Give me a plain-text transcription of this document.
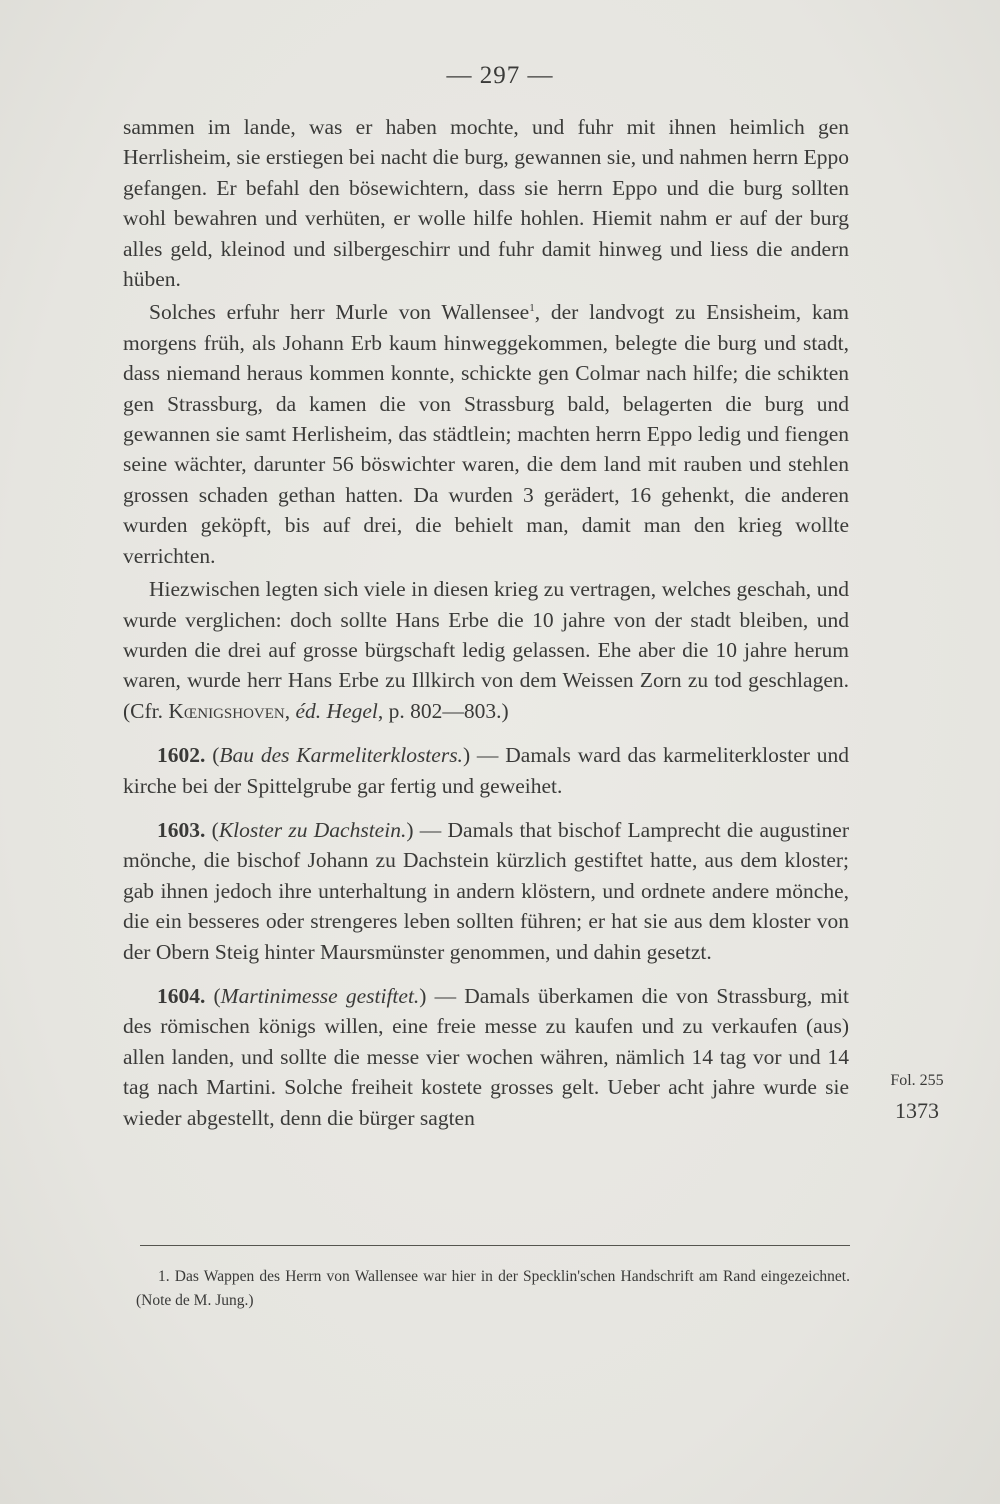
— 297 —

sammen im lande, was er haben mochte, und fuhr mit ihnen heimlich gen Herrlisheim, sie erstiegen bei nacht die burg, gewannen sie, und nahmen herrn Eppo gefangen. Er befahl den bösewichtern, dass sie herrn Eppo und die burg sollten wohl bewahren und verhüten, er wolle hilfe hohlen. Hiemit nahm er auf der burg alles geld, kleinod und silbergeschirr und fuhr damit hinweg und liess die andern hüben.

Solches erfuhr herr Murle von Wallensee$^1$, der landvogt zu Ensisheim, kam morgens früh, als Johann Erb kaum hinweggekommen, belegte die burg und stadt, dass niemand heraus kommen konnte, schickte gen Colmar nach hilfe; die schikten gen Strassburg, da kamen die von Strassburg bald, belagerten die burg und gewannen sie samt Herlisheim, das städtlein; machten herrn Eppo ledig und fiengen seine wächter, darunter 56 böswichter waren, die dem land mit rauben und stehlen grossen schaden gethan hatten. Da wurden 3 gerädert, 16 gehenkt, die anderen wurden geköpft, bis auf drei, die behielt man, damit man den krieg wollte verrichten.

Hiezwischen legten sich viele in diesen krieg zu vertragen, welches geschah, und wurde verglichen: doch sollte Hans Erbe die 10 jahre von der stadt bleiben, und wurden die drei auf grosse bürgschaft ledig gelassen. Ehe aber die 10 jahre herum waren, wurde herr Hans Erbe zu Illkirch von dem Weissen Zorn zu tod geschlagen. (Cfr. Kœnigshoven, éd. Hegel, p. 802—803.)

1602. (Bau des Karmeliterklosters.) — Damals ward das karmeliterkloster und kirche bei der Spittelgrube gar fertig und geweihet.

1603. (Kloster zu Dachstein.) — Damals that bischof Lamprecht die augustiner mönche, die bischof Johann zu Dachstein kürzlich gestiftet hatte, aus dem kloster; gab ihnen jedoch ihre unterhaltung in andern klöstern, und ordnete andere mönche, die ein besseres oder strengeres leben sollten führen; er hat sie aus dem kloster von der Obern Steig hinter Maursmünster genommen, und dahin gesetzt.

1604. (Martinimesse gestiftet.) — Damals überkamen die von Strassburg, mit des römischen königs willen, eine freie messe zu kaufen und zu verkaufen (aus) allen landen, und sollte die messe vier wochen währen, nämlich 14 tag vor und 14 tag nach Martini. Solche freiheit kostete grosses gelt. Ueber acht jahre wurde sie wieder abgestellt, denn die bürger sagten

Fol. 255
1373
1. Das Wappen des Herrn von Wallensee war hier in der Specklin'schen Handschrift am Rand eingezeichnet. (Note de M. Jung.)
